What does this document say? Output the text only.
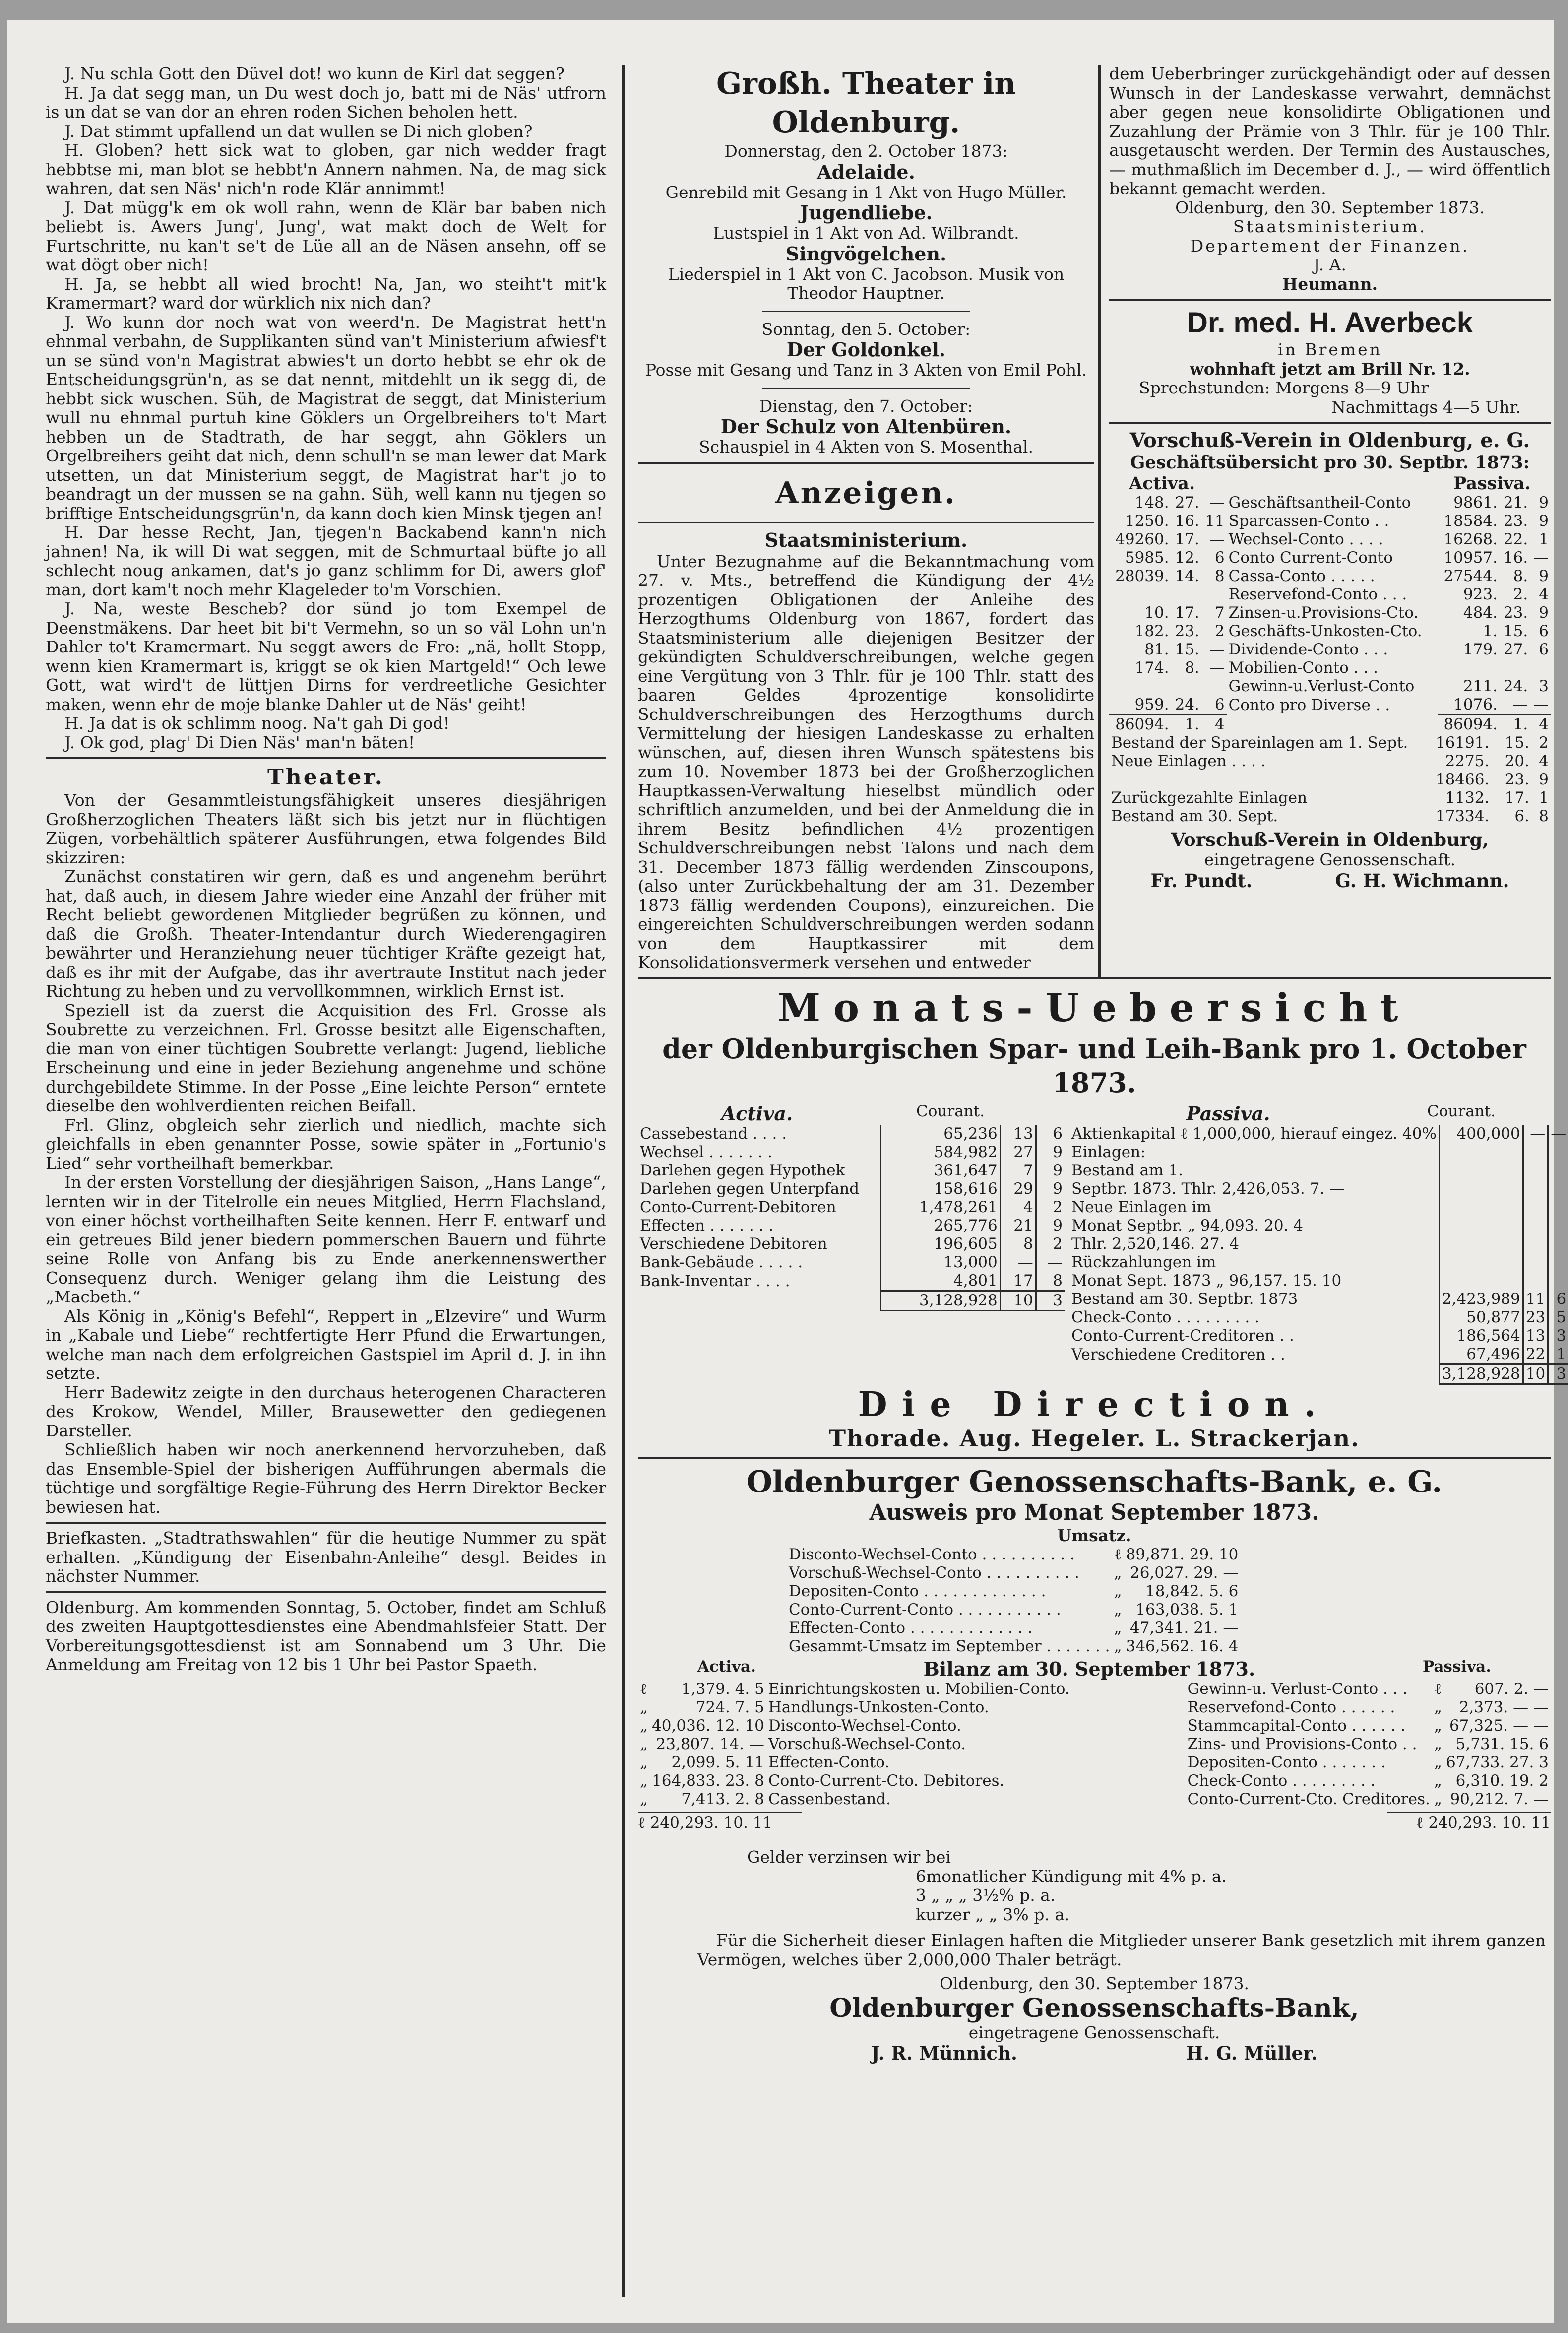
J. Nu schla Gott den Düvel dot! wo kunn de Kirl dat seggen?

H. Ja dat segg man, un Du west doch jo, batt mi de Näs' utfrorn is un dat se van dor an ehren roden Sichen beholen hett.

J. Dat stimmt upfallend un dat wullen se Di nich globen?

H. Globen? hett sick wat to globen, gar nich wedder fragt hebbtse mi, man blot se hebbt'n Annern nahmen. Na, de mag sick wahren, dat sen Näs' nich'n rode Klär annimmt!

J. Dat mügg'k em ok woll rahn, wenn de Klär bar baben nich beliebt is. Awers Jung', Jung', wat makt doch de Welt for Furtschritte, nu kan't se't de Lüe all an de Näsen ansehn, off se wat dögt ober nich!

H. Ja, se hebbt all wied brocht! Na, Jan, wo steiht't mit'k Kramermart? ward dor würklich nix nich dan?

J. Wo kunn dor noch wat von weerd'n. De Magistrat hett'n ehnmal verbahn, de Supplikanten sünd van't Ministerium afwiesf't un se sünd von'n Magistrat abwies't un dorto hebbt se ehr ok de Entscheidungsgrün'n, as se dat nennt, mitdehlt un ik segg di, de hebbt sick wuschen. Süh, de Magistrat de seggt, dat Ministerium wull nu ehnmal purtuh kine Göklers un Orgelbreihers to't Mart hebben un de Stadtrath, de har seggt, ahn Göklers un Orgelbreihers geiht dat nich, denn schull'n se man lewer dat Mark utsetten, un dat Ministerium seggt, de Magistrat har't jo to beandragt un der mussen se na gahn. Süh, well kann nu tjegen so brifftige Entscheidungsgrün'n, da kann doch kien Minsk tjegen an!

H. Dar hesse Recht, Jan, tjegen'n Backabend kann'n nich jahnen! Na, ik will Di wat seggen, mit de Schmurtaal büfte jo all schlecht noug ankamen, dat's jo ganz schlimm for Di, awers glof' man, dort kam't noch mehr Klageleder to'm Vorschien.

J. Na, weste Bescheb? dor sünd jo tom Exempel de Deenstmäkens. Dar heet bit bi't Vermehn, so un so väl Lohn un'n Dahler to't Kramermart. Nu seggt awers de Fro: „nä, hollt Stopp, wenn kien Kramermart is, kriggt se ok kien Martgeld!“ Och lewe Gott, wat wird't de lüttjen Dirns for verdreetliche Gesichter maken, wenn ehr de moje blanke Dahler ut de Näs' geiht!

H. Ja dat is ok schlimm noog. Na't gah Di god!

J. Ok god, plag' Di Dien Näs' man'n bäten!

Theater.

Von der Gesammtleistungsfähigkeit unseres diesjährigen Großherzoglichen Theaters läßt sich bis jetzt nur in flüchtigen Zügen, vorbehältlich späterer Ausführungen, etwa folgendes Bild skizziren:

Zunächst constatiren wir gern, daß es und angenehm berührt hat, daß auch, in diesem Jahre wieder eine Anzahl der früher mit Recht beliebt gewordenen Mitglieder begrüßen zu können, und daß die Großh. Theater-Intendantur durch Wiederengagiren bewährter und Heranziehung neuer tüchtiger Kräfte gezeigt hat, daß es ihr mit der Aufgabe, das ihr avertraute Institut nach jeder Richtung zu heben und zu vervollkommnen, wirklich Ernst ist.

Speziell ist da zuerst die Acquisition des Frl. Grosse als Soubrette zu verzeichnen. Frl. Grosse besitzt alle Eigenschaften, die man von einer tüchtigen Soubrette verlangt: Jugend, liebliche Erscheinung und eine in jeder Beziehung angenehme und schöne durchgebildete Stimme. In der Posse „Eine leichte Person“ erntete dieselbe den wohlverdienten reichen Beifall.

Frl. Glinz, obgleich sehr zierlich und niedlich, machte sich gleichfalls in eben genannter Posse, sowie später in „Fortunio's Lied“ sehr vortheilhaft bemerkbar.

In der ersten Vorstellung der diesjährigen Saison, „Hans Lange“, lernten wir in der Titelrolle ein neues Mitglied, Herrn Flachsland, von einer höchst vortheilhaften Seite kennen. Herr F. entwarf und ein getreues Bild jener biedern pommerschen Bauern und führte seine Rolle von Anfang bis zu Ende anerkennenswerther Consequenz durch. Weniger gelang ihm die Leistung des „Macbeth.“

Als König in „König's Befehl“, Reppert in „Elzevire“ und Wurm in „Kabale und Liebe“ rechtfertigte Herr Pfund die Erwartungen, welche man nach dem erfolgreichen Gastspiel im April d. J. in ihn setzte.

Herr Badewitz zeigte in den durchaus heterogenen Characteren des Krokow, Wendel, Miller, Brausewetter den gediegenen Darsteller.

Schließlich haben wir noch anerkennend hervorzuheben, daß das Ensemble-Spiel der bisherigen Aufführungen abermals die tüchtige und sorgfältige Regie-Führung des Herrn Direktor Becker bewiesen hat.

Briefkasten. „Stadtrathswahlen“ für die heutige Nummer zu spät erhalten. „Kündigung der Eisenbahn-Anleihe“ desgl. Beides in nächster Nummer.

Oldenburg. Am kommenden Sonntag, 5. October, findet am Schluß des zweiten Hauptgottesdienstes eine Abendmahlsfeier Statt. Der Vorbereitungsgottesdienst ist am Sonnabend um 3 Uhr. Die Anmeldung am Freitag von 12 bis 1 Uhr bei Pastor Spaeth.

Großh. Theater in Oldenburg.

Donnerstag, den 2. October 1873:

Adelaide.

Genrebild mit Gesang in 1 Akt von Hugo Müller.

Jugendliebe.

Lustspiel in 1 Akt von Ad. Wilbrandt.

Singvögelchen.

Liederspiel in 1 Akt von C. Jacobson. Musik von Theodor Hauptner.

Sonntag, den 5. October:

Der Goldonkel.

Posse mit Gesang und Tanz in 3 Akten von Emil Pohl.

Dienstag, den 7. October:

Der Schulz von Altenbüren.

Schauspiel in 4 Akten von S. Mosenthal.

Anzeigen.
Staatsministerium.

Unter Bezugnahme auf die Bekanntmachung vom 27. v. Mts., betreffend die Kündigung der 4½ prozentigen Obligationen der Anleihe des Herzogthums Oldenburg von 1867, fordert das Staatsministerium alle diejenigen Besitzer der gekündigten Schuldverschreibungen, welche gegen eine Vergütung von 3 Thlr. für je 100 Thlr. statt des baaren Geldes 4prozentige konsolidirte Schuldverschreibungen des Herzogthums durch Vermittelung der hiesigen Landeskasse zu erhalten wünschen, auf, diesen ihren Wunsch spätestens bis zum 10. November 1873 bei der Großherzoglichen Hauptkassen-Verwaltung hieselbst mündlich oder schriftlich anzumelden, und bei der Anmeldung die in ihrem Besitz befindlichen 4½ prozentigen Schuldverschreibungen nebst Talons und nach dem 31. December 1873 fällig werdenden Zinscoupons, (also unter Zurückbehaltung der am 31. Dezember 1873 fällig werdenden Coupons), einzureichen. Die eingereichten Schuldverschreibungen werden sodann von dem Hauptkassirer mit dem Konsolidationsvermerk versehen und entweder

dem Ueberbringer zurückgehändigt oder auf dessen Wunsch in der Landeskasse verwahrt, demnächst aber gegen neue konsolidirte Obligationen und Zuzahlung der Prämie von 3 Thlr. für je 100 Thlr. ausgetauscht werden. Der Termin des Austausches, — muthmaßlich im December d. J., — wird öffentlich bekannt gemacht werden.

Oldenburg, den 30. September 1873.

Staatsministerium.

Departement der Finanzen.

J. A.

Heumann.

Dr. med. H. Averbeck

in Bremen

wohnhaft jetzt am Brill Nr. 12.

Sprechstunden: Morgens 8—9 Uhr

Nachmittags 4—5 Uhr.

Vorschuß-Verein in Oldenburg, e. G.
Geschäftsübersicht pro 30. Septbr. 1873:
Activa.	Passiva.
148.	27.	—	Geschäftsantheil-Conto	9861.	21.	9
1250.	16.	11	Sparcassen-Conto . .	18584.	23.	9
49260.	17.	—	Wechsel-Conto . . . .	16268.	22.	1
5985.	12.	6	Conto Current-Conto	10957.	16.	—
28039.	14.	8	Cassa-Conto . . . . .	27544.	8.	9
			Reservefond-Conto . . .	923.	2.	4
10.	17.	7	Zinsen-u.Provisions-Cto.	484.	23.	9
182.	23.	2	Geschäfts-Unkosten-Cto.	1.	15.	6
81.	15.	—	Dividende-Conto . . .	179.	27.	6
174.	8.	—	Mobilien-Conto . . .			
			Gewinn-u.Verlust-Conto	211.	24.	3
959.	24.	6	Conto pro Diverse . .	1076.	—	—
86094.	1.	4		86094.	1.	4
Bestand der Spareinlagen am 1. Sept.	16191.	15.	2
Neue Einlagen . . . .	2275.	20.	4
	18466.	23.	9
Zurückgezahlte Einlagen	1132.	17.	1
Bestand am 30. Sept.	17334.	6.	8
Vorschuß-Verein in Oldenburg,

eingetragene Genossenschaft.

Fr. Pundt.	G. H. Wichmann.
Monats-Uebersicht
der Oldenburgischen Spar- und Leih-Bank pro 1. October 1873.
Activa.	Courant.
Cassebestand . . . .	65,236	13	6
Wechsel . . . . . . .	584,982	27	9
Darlehen gegen Hypothek	361,647	7	9
Darlehen gegen Unterpfand	158,616	29	9
Conto-Current-Debitoren	1,478,261	4	2
Effecten . . . . . . .	265,776	21	9
Verschiedene Debitoren	196,605	8	2
Bank-Gebäude . . . . .	13,000	—	—
Bank-Inventar . . . .	4,801	17	8
	3,128,928	10	3
Passiva.	Courant.
Aktienkapital ℓ 1,000,000, hierauf eingez. 40%	400,000	—	—
Einlagen:			
Bestand am 1.			
Septbr. 1873. Thlr. 2,426,053. 7. —			
Neue Einlagen im			
Monat Septbr. „ 94,093. 20. 4			
Thlr. 2,520,146. 27. 4			
Rückzahlungen im			
Monat Sept. 1873 „ 96,157. 15. 10			
Bestand am 30. Septbr. 1873	2,423,989	11	6
Check-Conto . . . . . . . . .	50,877	23	5
Conto-Current-Creditoren . .	186,564	13	3
Verschiedene Creditoren . .	67,496	22	1
	3,128,928	10	3
Die Direction.
Thorade. Aug. Hegeler. L. Strackerjan.
Oldenburger Genossenschafts-Bank, e. G.
Ausweis pro Monat September 1873.
Umsatz.
Disconto-Wechsel-Conto . . . . . . . . . .	ℓ	89,871. 29. 10
Vorschuß-Wechsel-Conto . . . . . . . . . .	„	26,027. 29. —
Depositen-Conto . . . . . . . . . . . . .	„	18,842. 5. 6
Conto-Current-Conto . . . . . . . . . . .	„	163,038. 5. 1
Effecten-Conto . . . . . . . . . . . . .	„	47,341. 21. —
Gesammt-Umsatz im September . . . . . . .	„	346,562. 16. 4
Activa.	Bilanz am 30. September 1873.	Passiva.
ℓ	1,379. 4. 5	Einrichtungskosten u. Mobilien-Conto.
„	724. 7. 5	Handlungs-Unkosten-Conto.
„	40,036. 12. 10	Disconto-Wechsel-Conto.
„	23,807. 14. —	Vorschuß-Wechsel-Conto.
„	2,099. 5. 11	Effecten-Conto.
„	164,833. 23. 8	Conto-Current-Cto. Debitores.
„	7,413. 2. 8	Cassenbestand.
ℓ 240,293. 10. 11
Gewinn-u. Verlust-Conto . . .	ℓ	607. 2. —
Reservefond-Conto . . . . . .	„	2,373. — —
Stammcapital-Conto . . . . . .	„	67,325. — —
Zins- und Provisions-Conto . .	„	5,731. 15. 6
Depositen-Conto . . . . . . .	„	67,733. 27. 3
Check-Conto . . . . . . . . .	„	6,310. 19. 2
Conto-Current-Cto. Creditores.	„	90,212. 7. —
ℓ 240,293. 10. 11

Gelder verzinsen wir bei

6monatlicher Kündigung mit 4% p. a.

3 „ „ „ 3½% p. a.

kurzer „ „ 3% p. a.

Für die Sicherheit dieser Einlagen haften die Mitglieder unserer Bank gesetzlich mit ihrem ganzen Vermögen, welches über 2,000,000 Thaler beträgt.

Oldenburg, den 30. September 1873.

Oldenburger Genossenschafts-Bank,

eingetragene Genossenschaft.

J. R. Münnich.	H. G. Müller.
